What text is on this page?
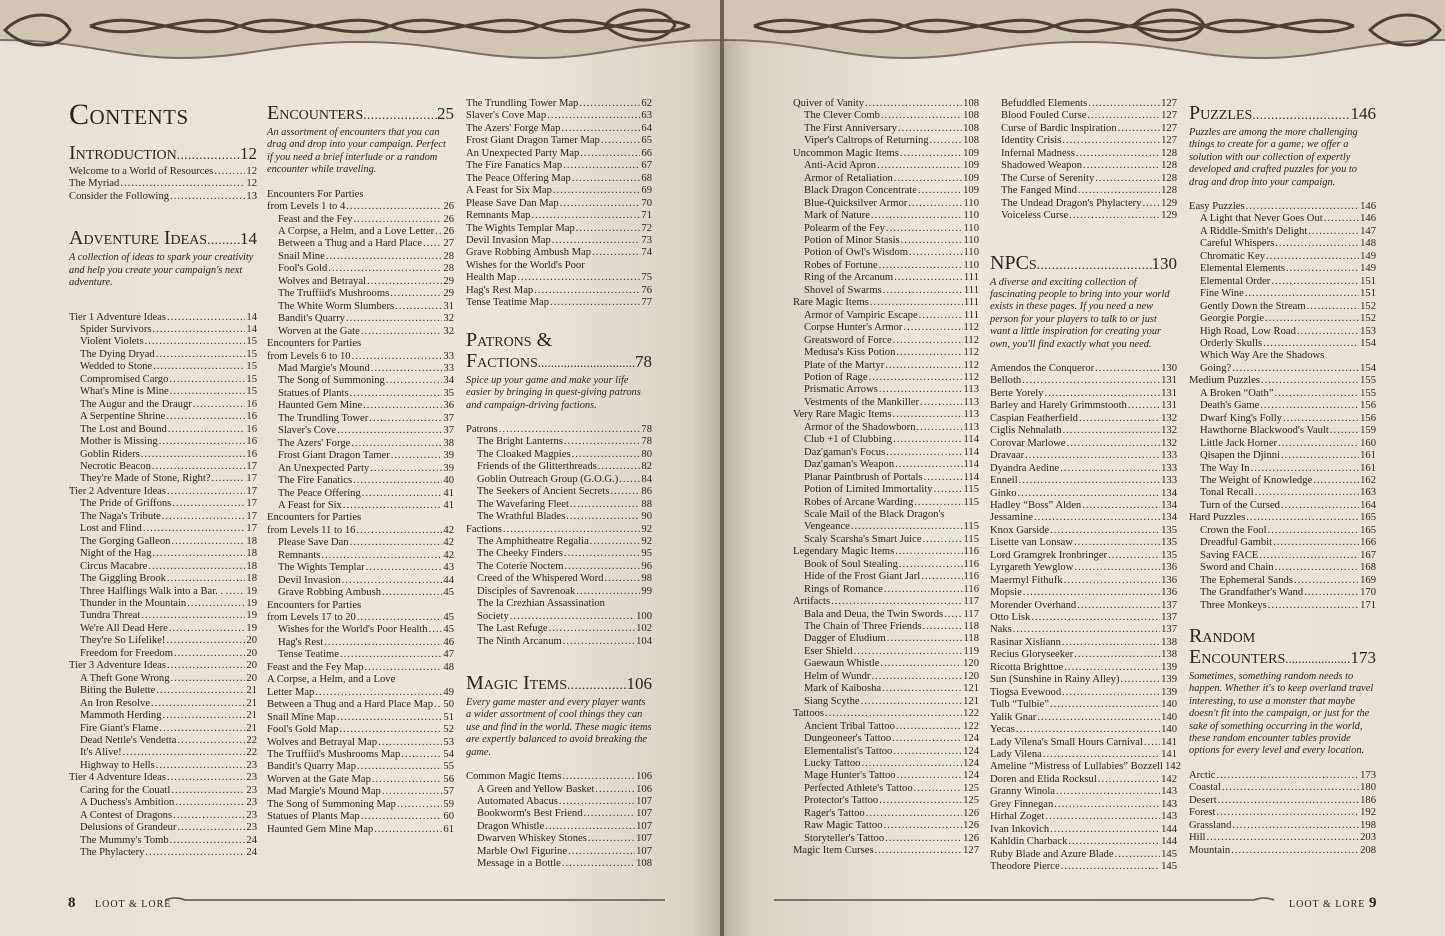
Contents
Introduction .....	12
Welcome to a World of Resources .....	12
The Myriad .....	12
Consider the Following .....	13
Adventure Ideas ..... 14
A collection of ideas to spark your creativity and help you create your campaign's next adventure.
Tier 1 Adventure Ideas .....	14
Spider Survivors .....	14
Violent Violets .....	15
The Dying Dryad .....	15
Wedded to Stone .....	15
Compromised Cargo .....	15
What's Mine is Mine .....	15
The Augur and the Draugr .....	16
A Serpentine Shrine .....	16
The Lost and Bound .....	16
Mother is Missing .....	16
Goblin Riders .....	16
Necrotic Beacon .....	17
They're Made of Stone, Right? .....	17
Tier 2 Adventure Ideas .....	17
The Pride of Griffons .....	17
The Naga's Tribute .....	17
Lost and Flind .....	17
The Gorging Galleon .....	18
Night of the Hag .....	18
Circus Macabre .....	18
The Giggling Brook .....	18
Three Halflings Walk into a Bar. . . ..... 19
Thunder in the Mountain .....	19
Tundra Threat .....	19
We're All Dead Here .....	19
They're So Lifelike! .....	20
Freedom for Freedom .....	20
Tier 3 Adventure Ideas .....	20
A Theft Gone Wrong .....	20
Biting the Bulette .....	21
An Iron Resolve .....	21
Mammoth Herding .....	21
Fire Giant's Flame .....	21
Dead Nettle's Vendetta .....	22
It's Alive! .....	22
Highway to Hells .....	23
Tier 4 Adventure Ideas .....	23
Caring for the Couatl .....	23
A Duchess's Ambition .....	23
A Contest of Dragons .....	23
Delusions of Grandeur .....	23
The Mummy's Tomb .....	24
The Phylactery .....	24
Encounters .....	25
An assortment of encounters that you can drag and drop into your campaign. Perfect if you need a brief interlude or a random encounter while traveling.
Encounters For Parties
from Levels 1 to 4 .....	26
Feast and the Fey .....	26
A Corpse, a Helm, and a Love Letter ..... 26
Between a Thug and a Hard Place ..... 27
Snail Mine .....	28
Fool's Gold .....	28
Wolves and Betrayal .....	29
The Truffiid's Mushrooms .....	29
The White Worm Slumbers .....	31
Bandit's Quarry .....	32
Worven at the Gate .....	32
Encounters for Parties
from Levels 6 to 10 .....	33
Mad Margie's Mound .....	33
The Song of Summoning .....	34
Statues of Plants .....	35
Haunted Gem Mine .....	36
The Trundling Tower .....	37
Slaver's Cove .....	37
The Azers' Forge .....	38
Frost Giant Dragon Tamer .....	39
An Unexpected Party .....	39
The Fire Fanatics .....	40
The Peace Offering .....	41
A Feast for Six .....	41
Encounters for Parties
from Levels 11 to 16 .....	42
Please Save Dan .....	42
Remnants .....	42
The Wights Templar .....	43
Devil Invasion .....	44
Grave Robbing Ambush .....	45
Encounters for Parties
from Levels 17 to 20 .....	45
Wishes for the World's Poor Health ..... 45
Hag's Rest .....	46
Tense Teatime .....	47
Feast and the Fey Map .....	48
A Corpse, a Helm, and a Love
Letter Map .....	49
Between a Thug and a Hard Place Map ..... 50
Snail Mine Map .....	51
Fool's Gold Map .....	52
Wolves and Betrayal Map .....	53
The Truffiid's Mushrooms Map .....	54
Bandit's Quarry Map .....	55
Worven at the Gate Map .....	56
Mad Margie's Mound Map .....	57
The Song of Summoning Map .....	59
Statues of Plants Map .....	60
Haunted Gem Mine Map .....	61
The Trundling Tower Map .....	62
Slaver's Cove Map .....	63
The Azers' Forge Map .....	64
Frost Giant Dragon Tamer Map .....	65
An Unexpected Party Map .....	66
The Fire Fanatics Map .....	67
The Peace Offering Map .....	68
A Feast for Six Map .....	69
Please Save Dan Map .....	70
Remnants Map .....	71
The Wights Templar Map .....	72
Devil Invasion Map .....	73
Grave Robbing Ambush Map .....	74
Wishes for the World's Poor
Health Map .....	75
Hag's Rest Map .....	76
Tense Teatime Map .....	77
Patrons &
Factions .....	78
Spice up your game and make your life easier by bringing in quest-giving patrons and campaign-driving factions.
Patrons .....	78
The Bright Lanterns .....	78
The Cloaked Magpies .....	80
Friends of the Glitterthreads .....	82
Goblin Outreach Group (G.O.G.) ..... 84
The Seekers of Ancient Secrets .....	86
The Wavefaring Fleet .....	88
The Wrathful Blades .....	90
Factions .....	92
The Amphitheatre Regalia .....	92
The Cheeky Finders .....	95
The Coterie Noctem .....	96
Creed of the Whispered Word .....	98
Disciples of Savrenoak .....	99
The la Crezhian Assassination
Society .....	100
The Last Refuge .....	102
The Ninth Arcanum .....	104
Magic Items .....	106
Every game master and every player wants a wider assortment of cool things they can use and find in the world. These magic items are expertly balanced to avoid breaking the game.
Common Magic Items .....	106
A Green and Yellow Basket .....	106
Automated Abacus .....	107
Bookworm's Best Friend .....	107
Dragon Whistle .....	107
Dwarven Whiskey Stones .....	107
Marble Owl Figurine .....	107
Message in a Bottle .....	108
8 LOOT & LORE
Quiver of Vanity .....	108
The Clever Comb .....	108
The First Anniversary .....	108
Viper's Caltrops of Returning .....	108
Uncommon Magic Items .....	109
Anti-Acid Apron .....	109
Armor of Retaliation .....	109
Black Dragon Concentrate .....	109
Blue-Quicksilver Armor .....	110
Mark of Nature .....	110
Polearm of the Fey .....	110
Potion of Minor Stasis .....	110
Potion of Owl's Wisdom .....	110
Robes of Fortune .....	110
Ring of the Arcanum .....	111
Shovel of Swarms .....	111
Rare Magic Items .....	111
Armor of Vampiric Escape .....	111
Corpse Hunter's Armor .....	112
Greatsword of Force .....	112
Medusa's Kiss Potion .....	112
Plate of the Martyr .....	112
Potion of Rage .....	112
Prismatic Arrows .....	113
Vestments of the Mankiller .....	113
Very Rare Magic Items .....	113
Armor of the Shadowborn .....	113
Club +1 of Clubbing .....	114
Daz'gaman's Focus .....	114
Daz'gaman's Weapon .....	114
Planar Paintbrush of Portals .....	114
Potion of Limited Immortality .....	115
Robes of Arcane Warding .....	115
Scale Mail of the Black Dragon's
Vengeance .....	115
Scaly Scarsha's Smart Juice .....	115
Legendary Magic Items .....	116
Book of Soul Stealing .....	116
Hide of the Frost Giant Jarl .....	116
Rings of Romance .....	116
Artifacts .....	117
Bala and Deua, the Twin Swords ..... 117
The Chain of Three Friends .....	118
Dagger of Eludium .....	118
Eser Shield .....	119
Gaewaun Whistle .....	120
Helm of Wundr .....	120
Mark of Kaibosha .....	121
Siang Scythe .....	121
Tattoos .....	122
Ancient Tribal Tattoo .....	122
Dungeoneer's Tattoo .....	124
Elementalist's Tattoo .....	124
Lucky Tattoo .....	124
Mage Hunter's Tattoo .....	124
Perfected Athlete's Tattoo .....	125
Protector's Tattoo .....	125
Rager's Tattoo .....	126
Raw Magic Tattoo .....	126
Storyteller's Tattoo .....	126
Magic Item Curses .....	127
Befuddled Elements .....	127
Blood Fouled Curse .....	127
Curse of Bardic Inspiration .....	127
Identity Crisis .....	127
Infernal Madness .....	128
Shadowed Weapon .....	128
The Curse of Serenity .....	128
The Fanged Mind .....	128
The Undead Dragon's Phylactery ..... 129
Voiceless Curse .....	129
NPCs .....	130
A diverse and exciting collection of fascinating people to bring into your world exists in these pages. If you need a new person for your players to talk to or just want a little inspiration for creating your own, you'll find exactly what you need.
Amendos the Conqueror .....	130
Belloth .....	131
Berte Yorely .....	131
Barley and Harely Grimmstooth .....	131
Caspian Featherfield .....	132
Ciglis Nehnalath .....	132
Corovar Marlowe .....	132
Dravaar .....	133
Dyandra Aedine .....	133
Enneil .....	133
Ginko .....	134
Hadley “Boss” Alden .....	134
Jessamine .....	134
Knox Garside .....	135
Lisette van Lonsaw .....	135
Lord Gramgrek Ironbringer .....	135
Lyrgareth Yewglow .....	136
Maermyl Fithufk .....	136
Mopsie .....	136
Morender Overhand .....	137
Otto Lisk .....	137
Naks .....	137
Rasinar Xisliann .....	138
Recius Gloryseeker .....	138
Ricotta Brighttoe .....	139
Sun (Sunshine in Rainy Alley) .....	139
Tiogsa Evewood .....	139
Tulb “Tulbie” .....	140
Yalik Gnar .....	140
Yecas .....	140
Lady Vilena's Small Hours Carnival ..... 141
Lady Vilena .....	141
Ameline “Mistress of Lullabies” Bozzell 142
Doren and Elida Rocksul .....	142
Granny Winola .....	143
Grey Finnegan .....	143
Hirhal Zoget .....	143
Ivan Inkovich .....	144
Kahldin Charback .....	144
Ruby Blade and Azure Blade .....	145
Theodore Pierce .....	145
Puzzles .....	146
Puzzles are among the more challenging things to create for a game; we offer a solution with our collection of expertly developed and crafted puzzles for you to drag and drop into your campaign.
Easy Puzzles .....	146
A Light that Never Goes Out .....	146
A Riddle-Smith's Delight .....	147
Careful Whispers .....	148
Chromatic Key .....	149
Elemental Elements .....	149
Elemental Order .....	151
Fine Wine .....	151
Gently Down the Stream .....	152
Georgie Porgie .....	152
High Road, Low Road .....	153
Orderly Skulls .....	154
Which Way Are the Shadows
Going? .....	154
Medium Puzzles .....	155
A Broken “Oath” .....	155
Death's Game .....	156
Dwarf King's Folly .....	156
Hawthorne Blackwood's Vault .....	159
Little Jack Horner .....	160
Qisapen the Djinni .....	161
The Way In .....	161
The Weight of Knowledge .....	162
Tonal Recall .....	163
Turn of the Cursed .....	164
Hard Puzzles .....	165
Crown the Fool .....	165
Dreadful Gambit .....	166
Saving FACE .....	167
Sword and Chain .....	168
The Ephemeral Sands .....	169
The Grandfather's Wand .....	170
Three Monkeys .....	171
Random
Encounters .....	173
Sometimes, something random needs to happen. Whether it's to keep overland travel interesting, to use a monster that maybe doesn't fit into the campaign, or just for the sake of something occurring in the world, these random encounter tables provide options for every level and every location.
Arctic .....	173
Coastal .....	180
Desert .....	186
Forest .....	192
Grassland .....	198
Hill .....	203
Mountain .....	208
LOOT & LORE 9
